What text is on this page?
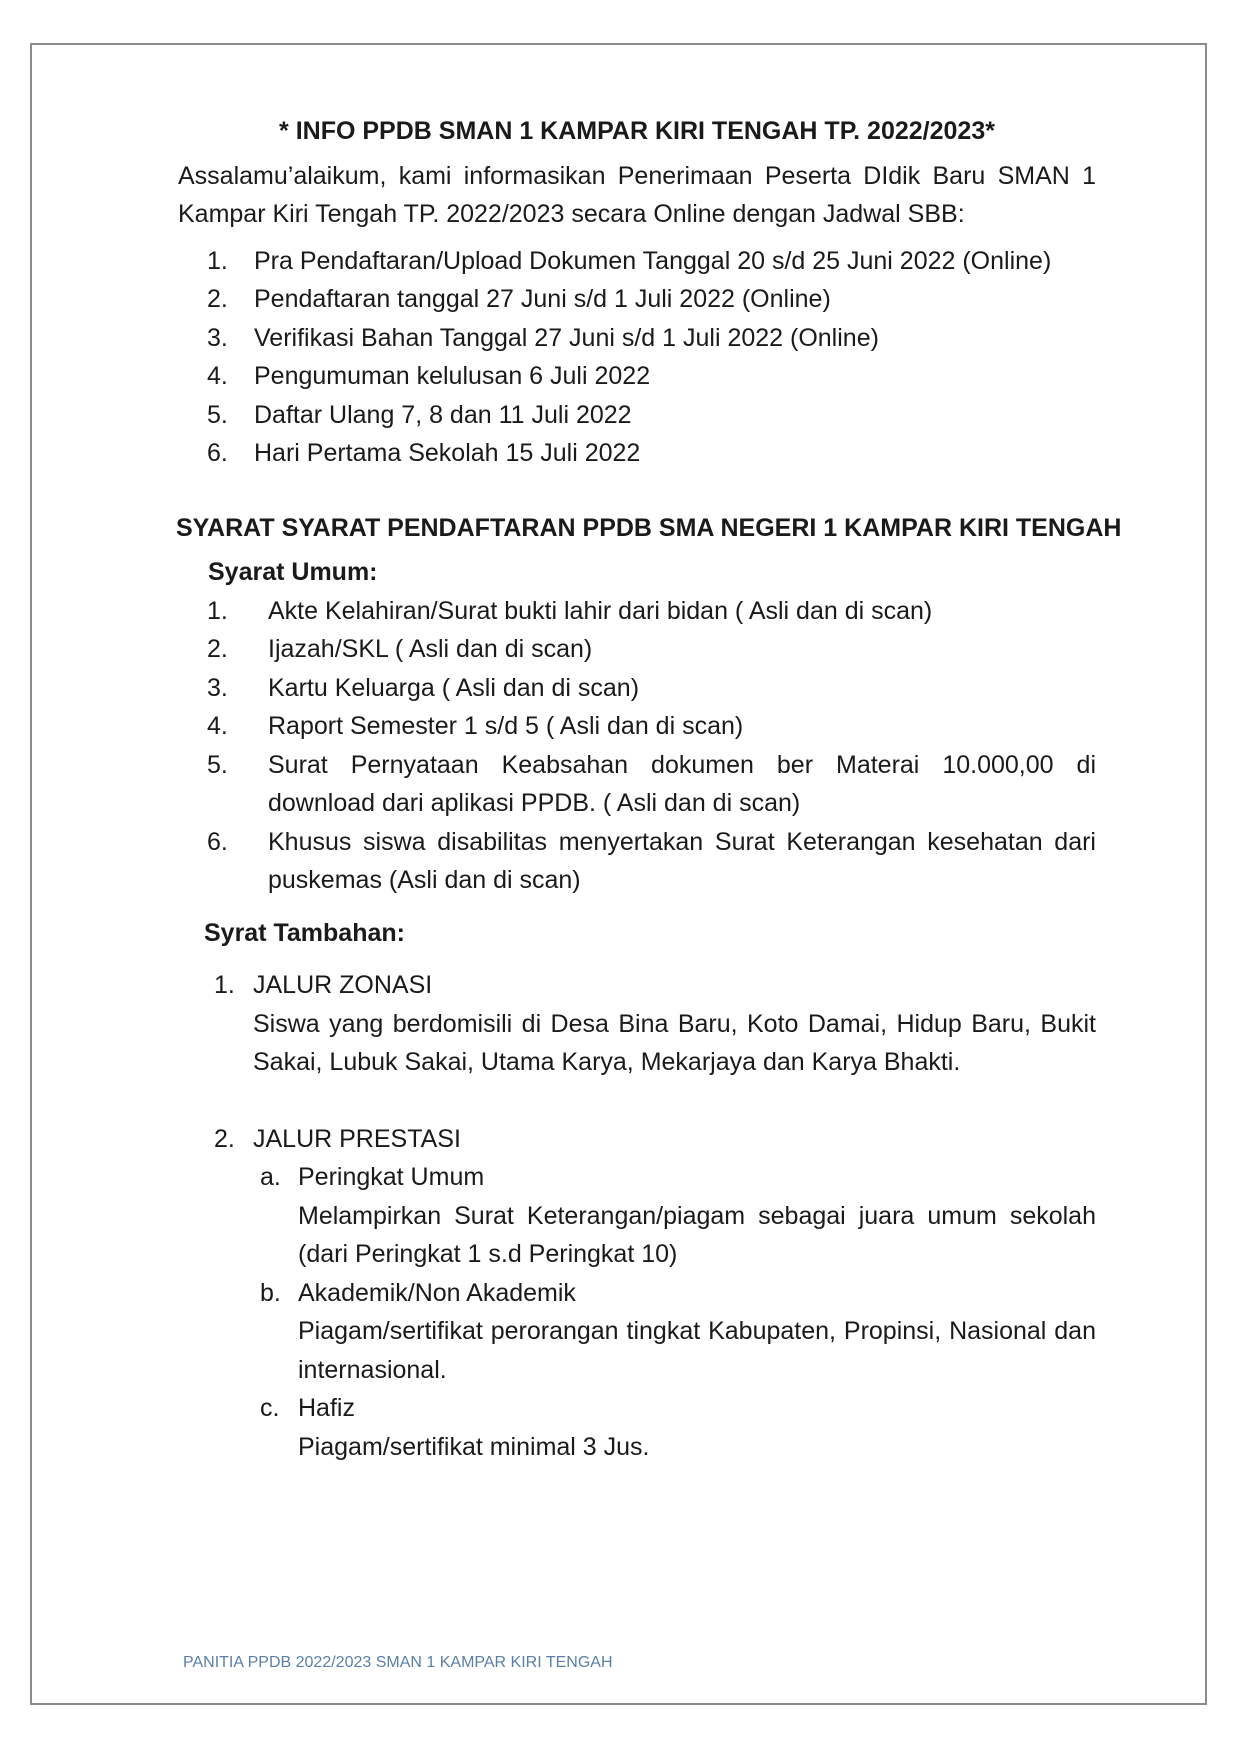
* INFO PPDB SMAN 1 KAMPAR KIRI TENGAH TP. 2022/2023*

Assalamu’alaikum, kami informasikan Penerimaan Peserta DIdik Baru SMAN 1 Kampar Kiri Tengah TP. 2022/2023 secara Online dengan Jadwal SBB:

1.	Pra Pendaftaran/Upload Dokumen Tanggal 20 s/d 25 Juni 2022 (Online)
2.	Pendaftaran tanggal 27 Juni s/d 1 Juli 2022 (Online)
3.	Verifikasi Bahan Tanggal 27 Juni s/d 1 Juli 2022 (Online)
4.	Pengumuman kelulusan 6 Juli 2022
5.	Daftar Ulang 7, 8 dan 11 Juli 2022
6.	Hari Pertama Sekolah 15 Juli 2022

SYARAT SYARAT PENDAFTARAN PPDB SMA NEGERI 1 KAMPAR KIRI TENGAH

Syarat Umum:

1.	Akte Kelahiran/Surat bukti lahir dari bidan ( Asli dan di scan)
2.	Ijazah/SKL ( Asli dan di scan)
3.	Kartu Keluarga ( Asli dan di scan)
4.	Raport Semester 1 s/d 5 ( Asli dan di scan)
5.	Surat Pernyataan Keabsahan dokumen ber Materai 10.000,00 di download dari aplikasi PPDB. ( Asli dan di scan)
6.	Khusus siswa disabilitas menyertakan Surat Keterangan kesehatan dari puskemas (Asli dan di scan)

Syrat Tambahan:

1. JALUR ZONASI
Siswa yang berdomisili di Desa Bina Baru, Koto Damai, Hidup Baru, Bukit Sakai, Lubuk Sakai, Utama Karya, Mekarjaya dan Karya Bhakti.
2. JALUR PRESTASI
a. Peringkat Umum
Melampirkan Surat Keterangan/piagam sebagai juara umum sekolah (dari Peringkat 1 s.d Peringkat 10)
b. Akademik/Non Akademik
Piagam/sertifikat perorangan tingkat Kabupaten, Propinsi, Nasional dan internasional.
c. Hafiz
Piagam/sertifikat minimal 3 Jus.
PANITIA PPDB 2022/2023 SMAN 1 KAMPAR KIRI TENGAH
